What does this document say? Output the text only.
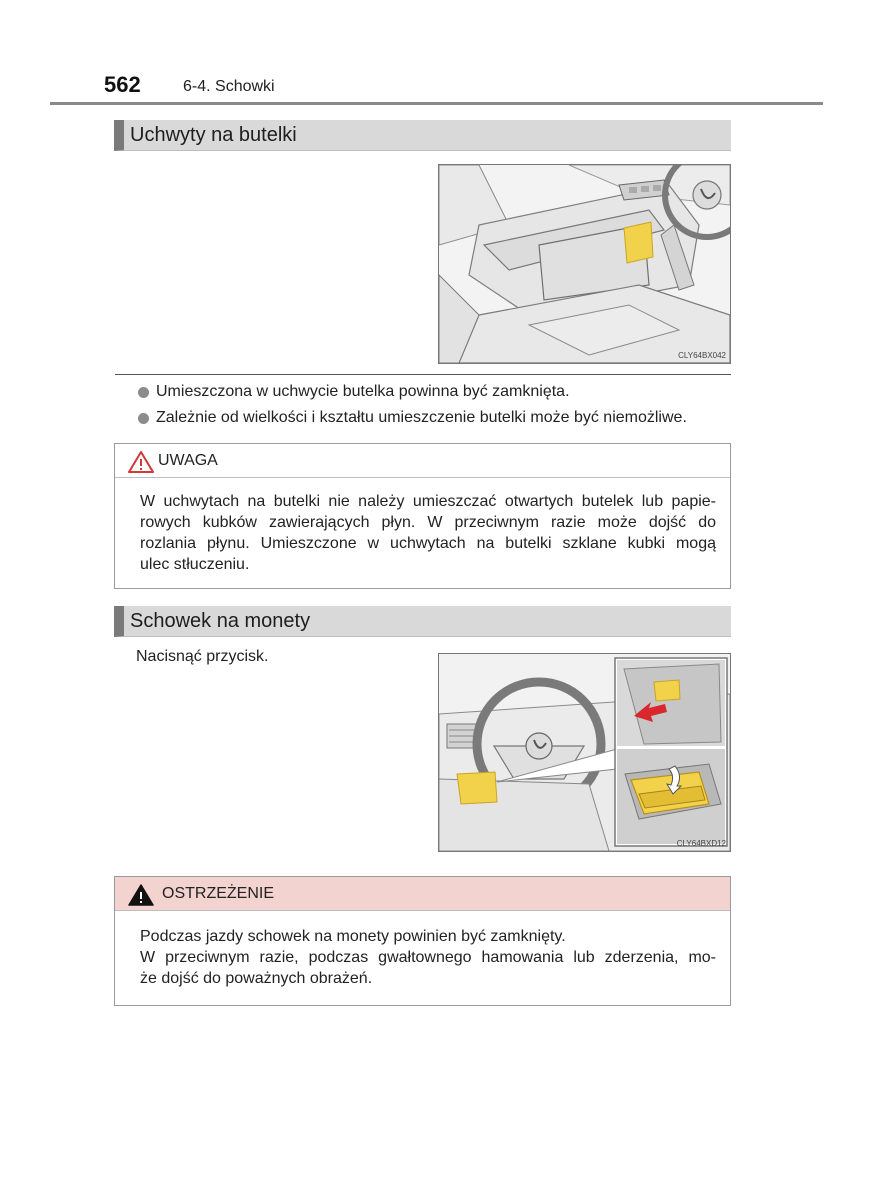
562	6-4. Schowki
Uchwyty na butelki
CLY64BX042
Umieszczona w uchwycie butelka powinna być zamknięta.
Zależnie od wielkości i kształtu umieszczenie butelki może być niemożliwe.
UWAGA
W uchwytach na butelki nie należy umieszczać otwartych butelek lub papie-
rowych kubków zawierających płyn. W przeciwnym razie może dojść do
rozlania płynu. Umieszczone w uchwytach na butelki szklane kubki mogą
ulec stłuczeniu.
Schowek na monety
Nacisnąć przycisk.
CLY64BXD12
OSTRZEŻENIE
Podczas jazdy schowek na monety powinien być zamknięty.
W przeciwnym razie, podczas gwałtownego hamowania lub zderzenia, mo-
że dojść do poważnych obrażeń.
